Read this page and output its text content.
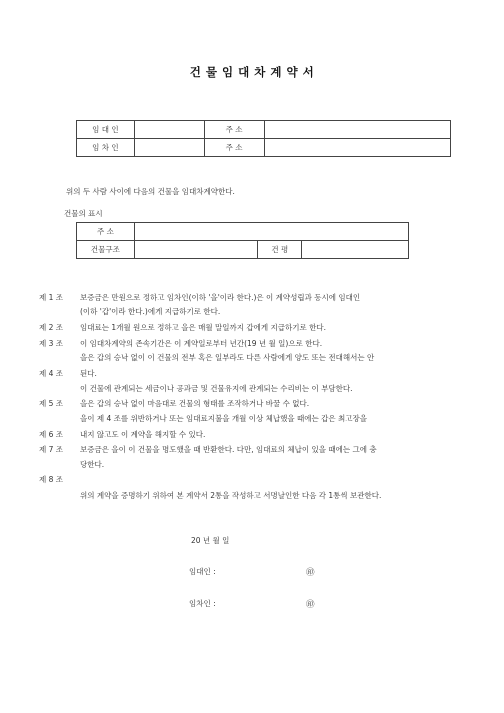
건 물 임 대 차 계 약 서
임 대 인		주 소	
임 차 인		주 소	
위의 두 사람 사이에 다음의 건물을 임대차계약한다.
건물의 표시
주 소			
건물구조		건 평	
제 1 조 보증금은 만원으로 정하고 임차인(이하 '을'이라 한다.)은 이 계약성립과 동시에 임대인
(이하 '갑'이라 한다.)에게 지급하기로 한다.
제 2 조 임대료는 1개월 원으로 정하고 을은 매월 말일까지 갑에게 지급하기로 한다.
제 3 조 이 임대차계약의 존속기간은 이 계약일로부터 년간(19 년 월 일)으로 한다.
을은 갑의 승낙 없이 이 건물의 전부 혹은 일부라도 다른 사람에게 양도 또는 전대해서는 안
제 4 조 된다.
이 건물에 관계되는 세금이나 공과금 및 건물유지에 관계되는 수리비는 이 부담한다.
제 5 조 을은 갑의 승낙 없이 마음대로 건물의 형태를 조작하거나 바꿀 수 없다.
을이 제 4 조를 위반하거나 또는 임대료지불을 개월 이상 체납했을 때에는 갑은 최고장을
제 6 조 내지 않고도 이 계약을 해지할 수 있다.
제 7 조 보증금은 을이 이 건물을 명도했을 때 반환한다. 다만, 임대료의 체납이 있을 때에는 그에 충
당한다.
제 8 조
위의 계약을 증명하기 위하여 본 계약서 2통을 작성하고 서명날인한 다음 각 1통씩 보관한다.
20 년 월 일
임대인 :	㊞
임차인 :	㊞
